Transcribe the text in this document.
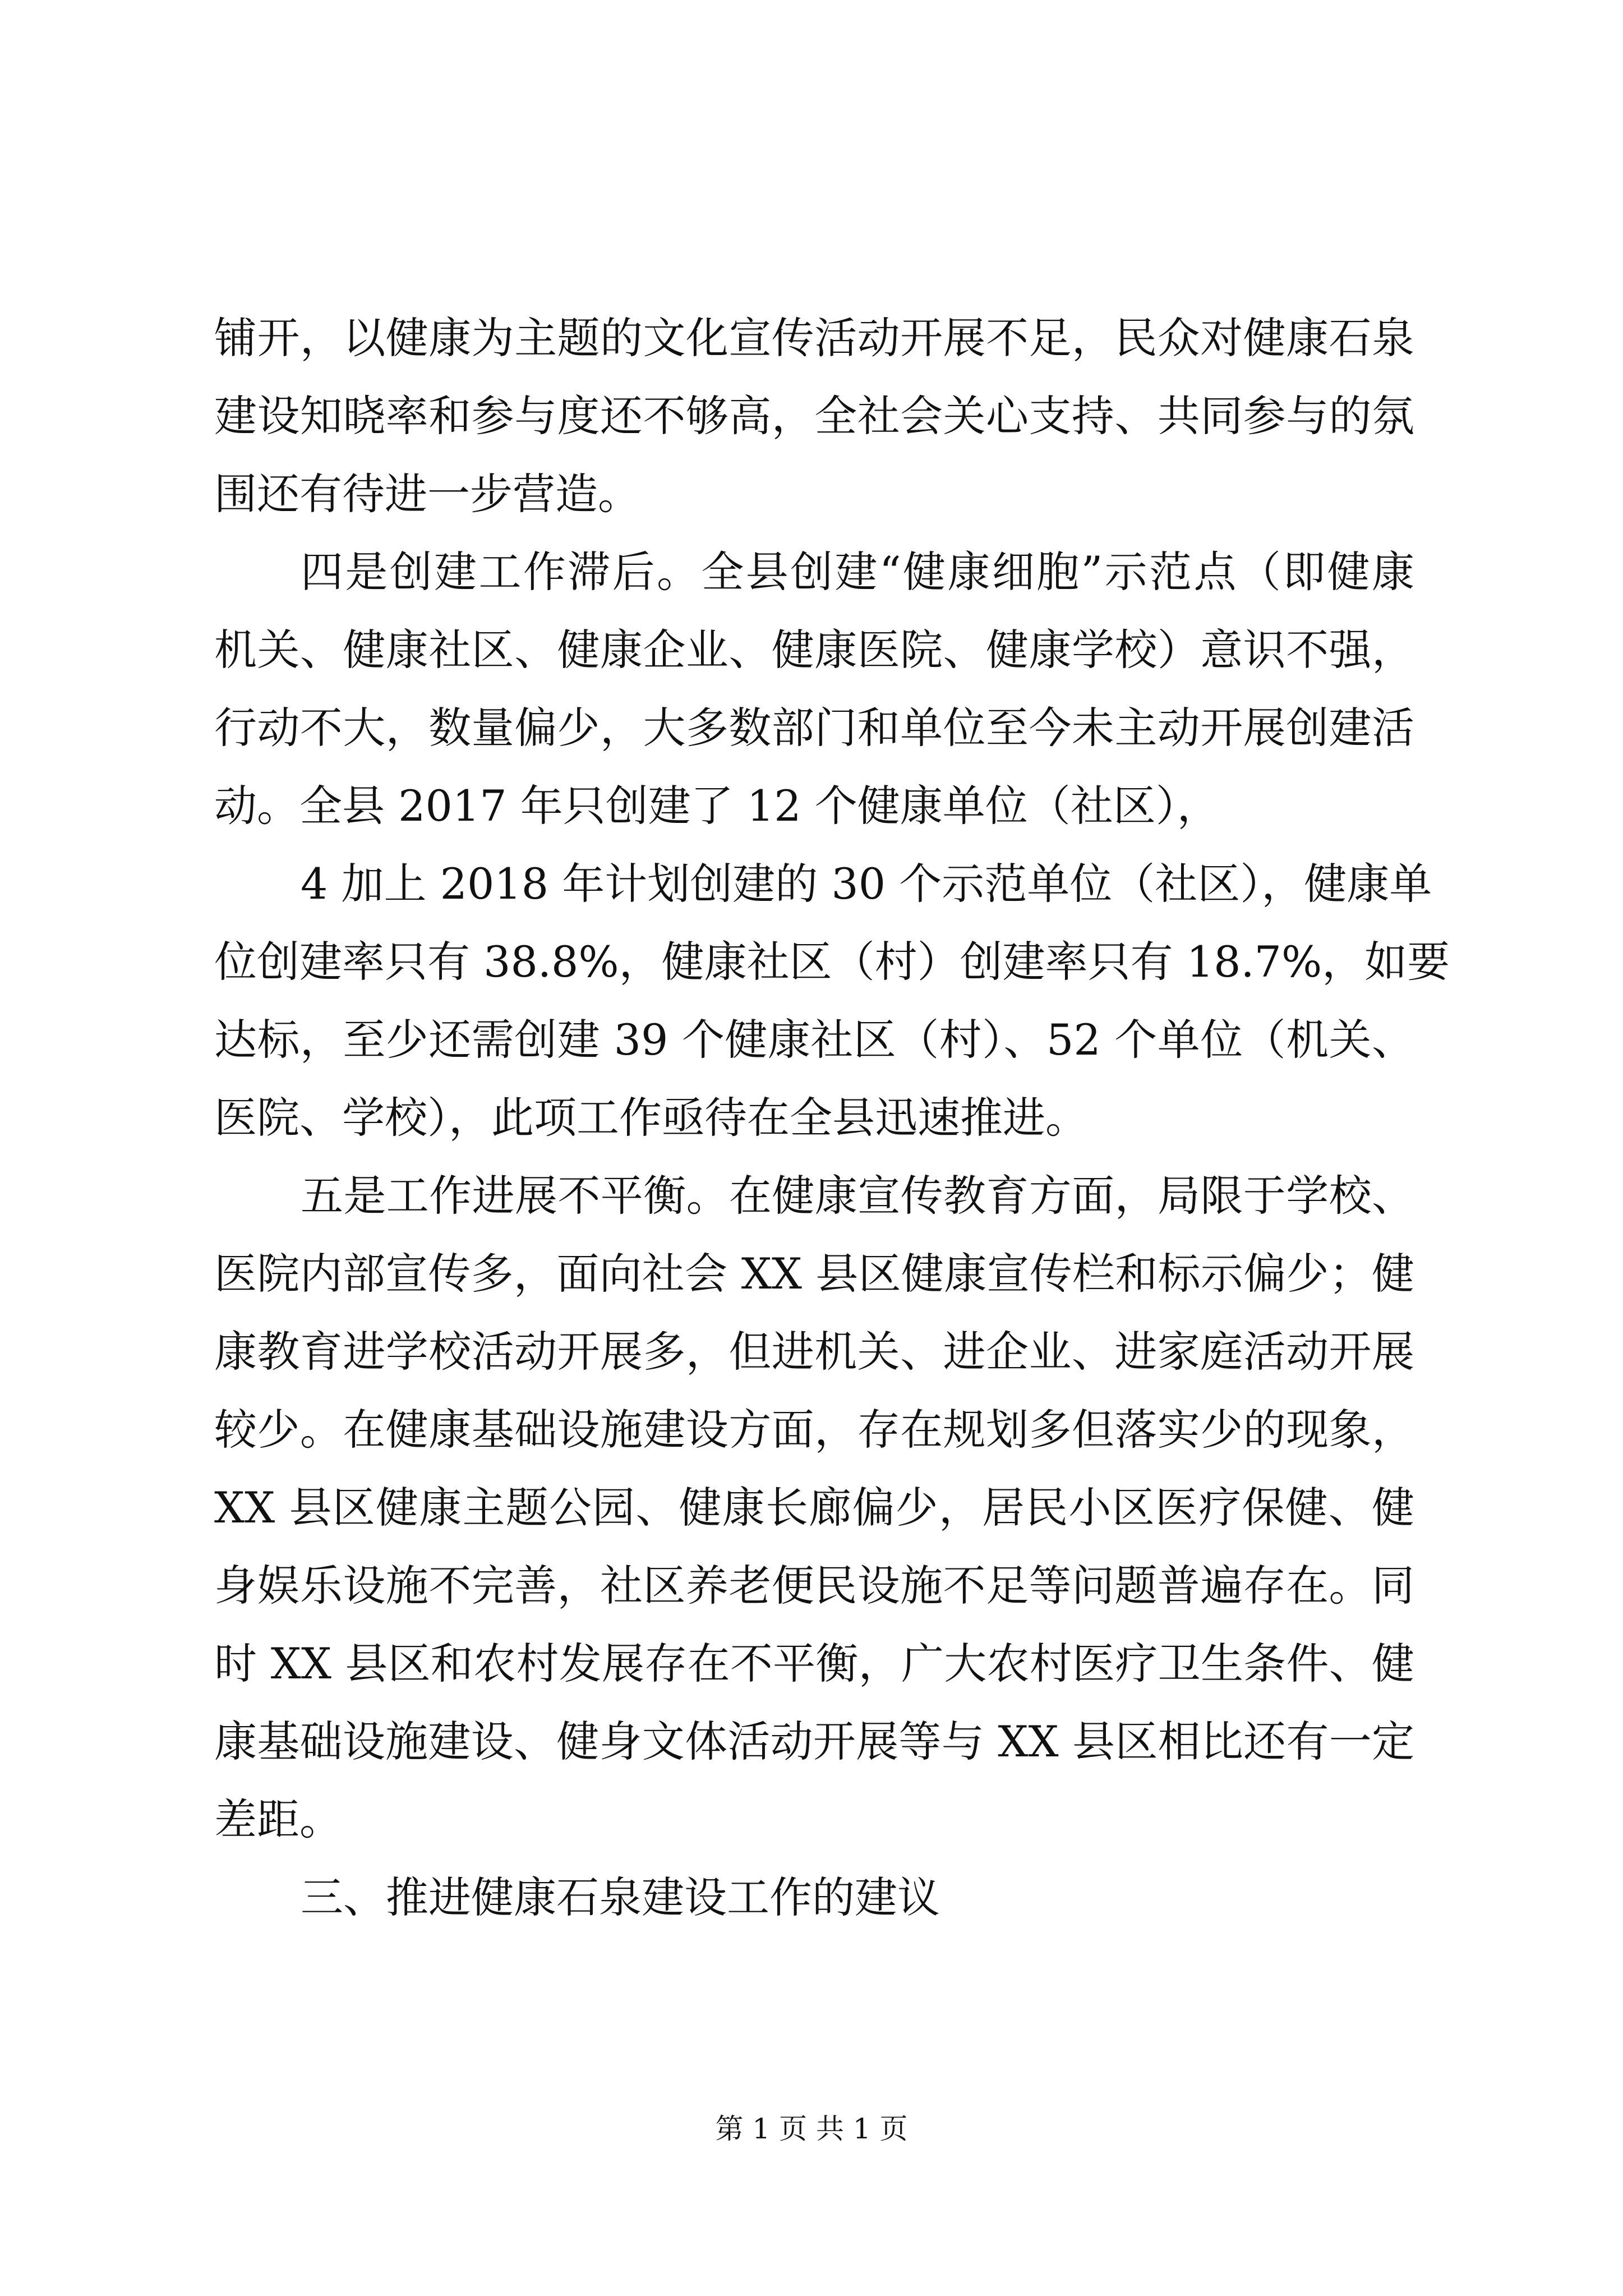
铺开，以健康为主题的文化宣传活动开展不足，民众对健康石泉
建设知晓率和参与度还不够高，全社会关心支持、共同参与的氛
围还有待进一步营造。
四是创建工作滞后。全县创建“健康细胞”示范点（即健康
机关、健康社区、健康企业、健康医院、健康学校）意识不强，
行动不大，数量偏少，大多数部门和单位至今未主动开展创建活
动。全县 2017 年只创建了 12 个健康单位（社区），
4 加上 2018 年计划创建的 30 个示范单位（社区），健康单
位创建率只有 38.8%，健康社区（村）创建率只有 18.7%，如要
达标，至少还需创建 39 个健康社区（村）、52 个单位（机关、
医院、学校），此项工作亟待在全县迅速推进。
五是工作进展不平衡。在健康宣传教育方面，局限于学校、
医院内部宣传多，面向社会 XX 县区健康宣传栏和标示偏少；健
康教育进学校活动开展多，但进机关、进企业、进家庭活动开展
较少。在健康基础设施建设方面，存在规划多但落实少的现象，
XX 县区健康主题公园、健康长廊偏少，居民小区医疗保健、健
身娱乐设施不完善，社区养老便民设施不足等问题普遍存在。同
时 XX 县区和农村发展存在不平衡，广大农村医疗卫生条件、健
康基础设施建设、健身文体活动开展等与 XX 县区相比还有一定
差距。
三、推进健康石泉建设工作的建议
第 1 页 共 1 页
